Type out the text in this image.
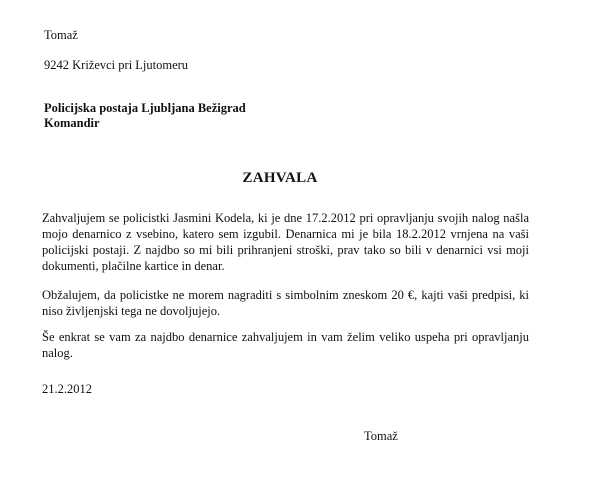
Tomaž
9242 Križevci pri Ljutomeru
Policijska postaja Ljubljana Bežigrad
Komandir
ZAHVALA
Zahvaljujem se policistki Jasmini Kodela, ki je dne 17.2.2012 pri opravljanju svojih nalog našla mojo denarnico z vsebino, katero sem izgubil. Denarnica mi je bila 18.2.2012 vrnjena na vaši policijski postaji. Z najdbo so mi bili prihranjeni stroški, prav tako so bili v denarnici vsi moji dokumenti, plačilne kartice in denar.
Obžalujem, da policistke ne morem nagraditi s simbolnim zneskom 20 €, kajti vaši predpisi, ki niso življenjski tega ne dovoljujejo.
Še enkrat se vam za najdbo denarnice zahvaljujem in vam želim veliko uspeha pri opravljanju nalog.
21.2.2012
Tomaž
